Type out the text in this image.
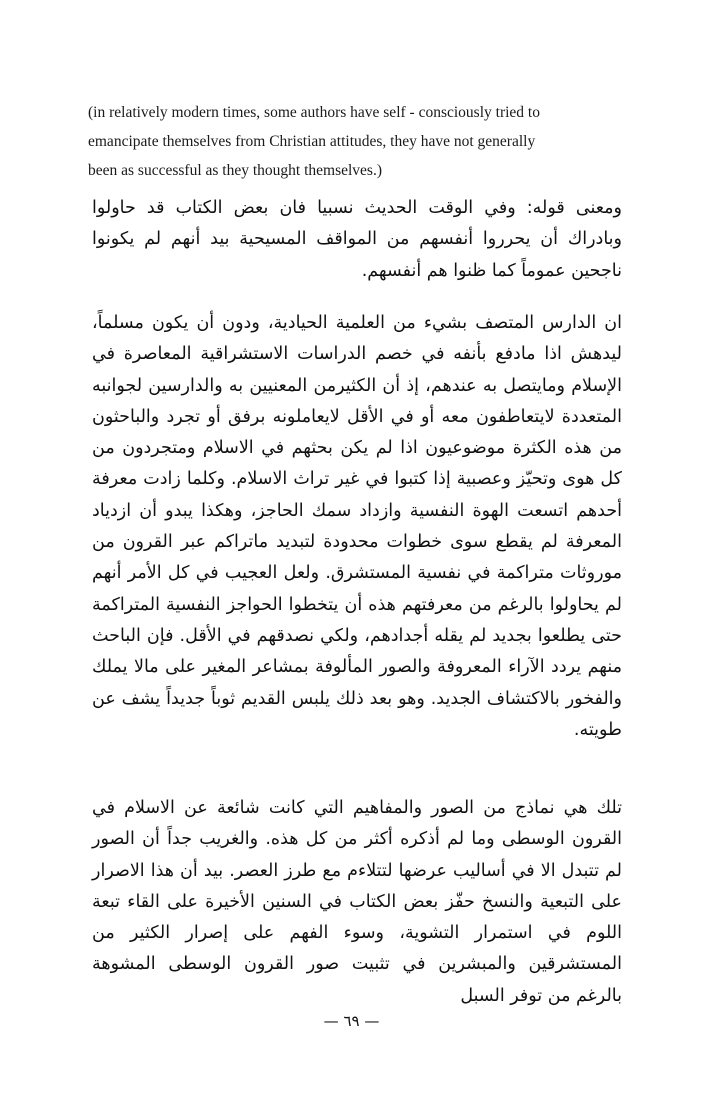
(in relatively modern times, some authors have self - consciously tried to
emancipate themselves from Christian attitudes, they have not generally
been as successful as they thought themselves.)

ومعنى قوله: وفي الوقت الحديث نسبيا فان بعض الكتاب قد حاولوا وبادراك أن يحرروا أنفسهم من المواقف المسيحية بيد أنهم لم يكونوا ناجحين عموماً كما ظنوا هم أنفسهم.

ان الدارس المتصف بشيء من العلمية الحيادية، ودون أن يكون مسلماً، ليدهش اذا مادفع بأنفه في خصم الدراسات الاستشراقية المعاصرة في الإسلام ومايتصل به عندهم، إذ أن الكثيرمن المعنيين به والدارسين لجوانبه المتعددة لايتعاطفون معه أو في الأقل لايعاملونه برفق أو تجرد والباحثون من هذه الكثرة موضوعيون اذا لم يكن بحثهم في الاسلام ومتجردون من كل هوى وتحيّز وعصبية إذا كتبوا في غير تراث الاسلام. وكلما زادت معرفة أحدهم اتسعت الهوة النفسية وازداد سمك الحاجز، وهكذا يبدو أن ازدياد المعرفة لم يقطع سوى خطوات محدودة لتبديد ماتراكم عبر القرون من موروثات متراكمة في نفسية المستشرق. ولعل العجيب في كل الأمر أنهم لم يحاولوا بالرغم من معرفتهم هذه أن يتخطوا الحواجز النفسية المتراكمة حتى يطلعوا بجديد لم يقله أجدادهم، ولكي نصدقهم في الأقل. فإن الباحث منهم يردد الآراء المعروفة والصور المألوفة بمشاعر المغير على مالا يملك والفخور بالاكتشاف الجديد. وهو بعد ذلك يلبس القديم ثوباً جديداً يشف عن طويته.

تلك هي نماذج من الصور والمفاهيم التي كانت شائعة عن الاسلام في القرون الوسطى وما لم أذكره أكثر من كل هذه. والغريب جداً أن الصور لم تتبدل الا في أساليب عرضها لتتلاءم مع طرز العصر. بيد أن هذا الاصرار على التبعية والنسخ حفّز بعض الكتاب في السنين الأخيرة على القاء تبعة اللوم في استمرار التشوية، وسوء الفهم على إصرار الكثير من المستشرقين والمبشرين في تثبيت صور القرون الوسطى المشوهة بالرغم من توفر السبل

— ٦٩ —
